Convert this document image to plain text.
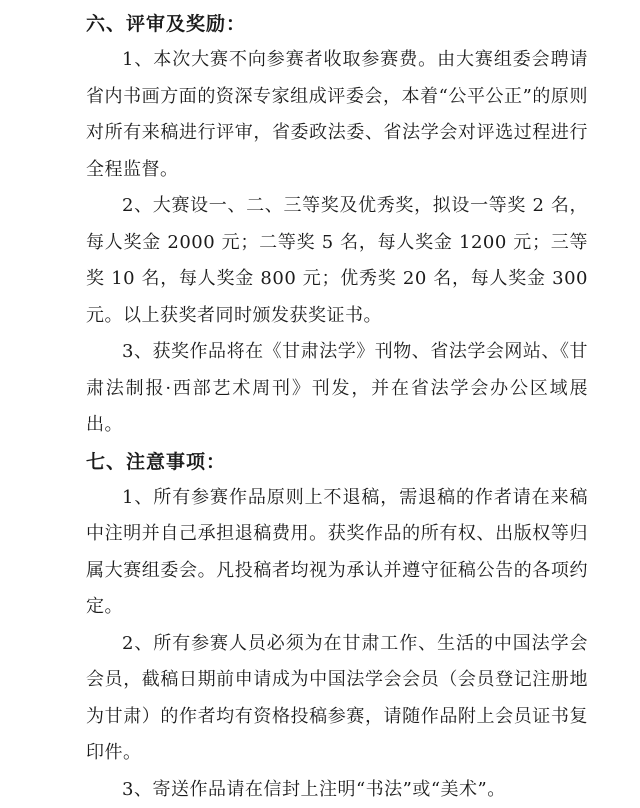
六、评审及奖励：

1、本次大赛不向参赛者收取参赛费。由大赛组委会聘请省内书画方面的资深专家组成评委会，本着“公平公正”的原则对所有来稿进行评审，省委政法委、省法学会对评选过程进行全程监督。

2、大赛设一、二、三等奖及优秀奖，拟设一等奖 2 名，每人奖金 2000 元；二等奖 5 名，每人奖金 1200 元；三等奖 10 名，每人奖金 800 元；优秀奖 20 名，每人奖金 300 元。以上获奖者同时颁发获奖证书。

3、获奖作品将在《甘肃法学》刊物、省法学会网站、《甘肃法制报·西部艺术周刊》刊发，并在省法学会办公区域展出。

七、注意事项：

1、所有参赛作品原则上不退稿，需退稿的作者请在来稿中注明并自己承担退稿费用。获奖作品的所有权、出版权等归属大赛组委会。凡投稿者均视为承认并遵守征稿公告的各项约定。

2、所有参赛人员必须为在甘肃工作、生活的中国法学会会员，截稿日期前申请成为中国法学会会员（会员登记注册地为甘肃）的作者均有资格投稿参赛，请随作品附上会员证书复印件。

3、寄送作品请在信封上注明“书法”或“美术”。
